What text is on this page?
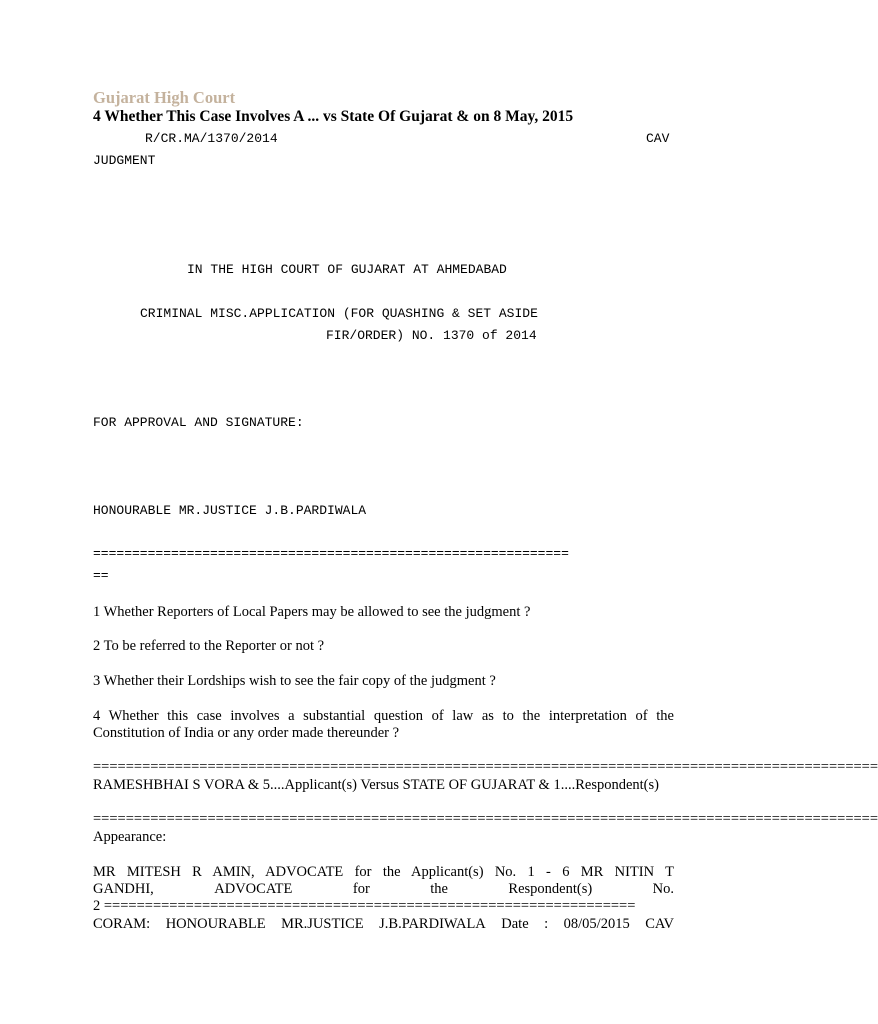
Gujarat High Court
4 Whether This Case Involves A ... vs State Of Gujarat & on 8 May, 2015
R/CR.MA/1370/2014	CAV
JUDGMENT
IN THE HIGH COURT OF GUJARAT AT AHMEDABAD
CRIMINAL MISC.APPLICATION (FOR QUASHING & SET ASIDE
FIR/ORDER) NO. 1370 of 2014
FOR APPROVAL AND SIGNATURE:
HONOURABLE MR.JUSTICE J.B.PARDIWALA
=============================================================
==
1 Whether Reporters of Local Papers may be allowed to see the judgment ?
2 To be referred to the Reporter or not ?
3 Whether their Lordships wish to see the fair copy of the judgment ?
4 Whether this case involves a substantial question of law as to the interpretation of the Constitution of India or any order made thereunder ?
================================================================================================
RAMESHBHAI S VORA & 5....Applicant(s) Versus STATE OF GUJARAT & 1....Respondent(s)
================================================================================================
Appearance:
MR MITESH R AMIN, ADVOCATE for the Applicant(s) No. 1 - 6 MR NITIN T
GANDHI,	ADVOCATE	for	the	Respondent(s)	No.
2 =================================================================
CORAM: HONOURABLE MR.JUSTICE J.B.PARDIWALA Date : 08/05/2015 CAV
